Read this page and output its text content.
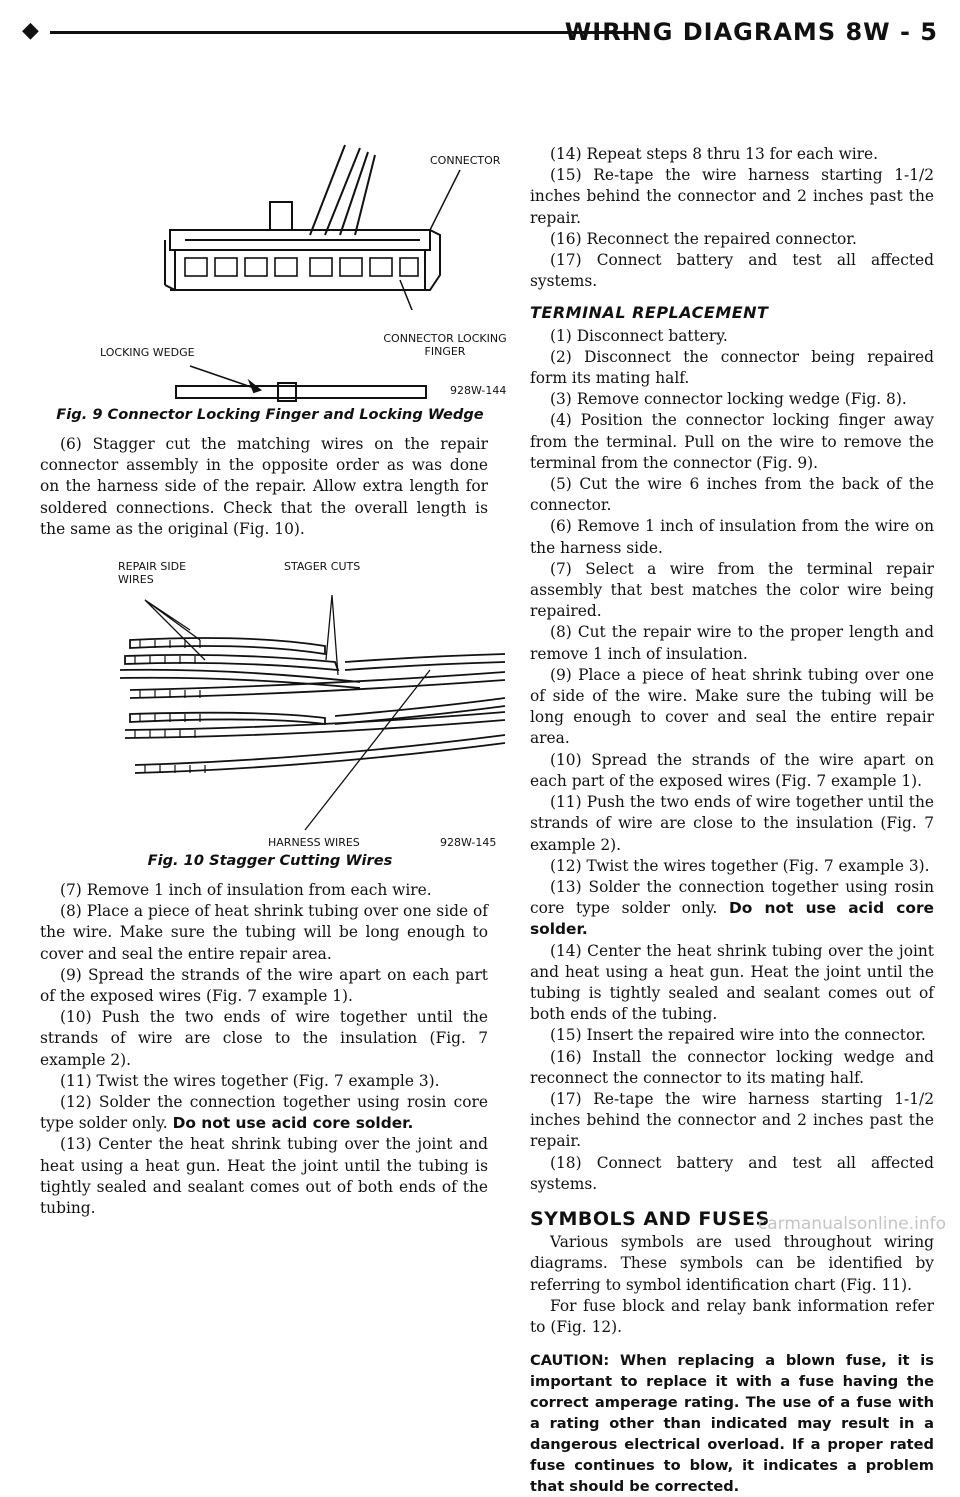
◆	WIRING DIAGRAMS 8W - 5
CONNECTOR
CONNECTOR LOCKING FINGER
LOCKING WEDGE
928W-144
Fig. 9 Connector Locking Finger and Locking Wedge

(6) Stagger cut the matching wires on the repair connector assembly in the opposite order as was done on the harness side of the repair. Allow extra length for soldered connections. Check that the overall length is the same as the original (Fig. 10).

REPAIR SIDE WIRES
STAGER CUTS
HARNESS WIRES	928W-145
Fig. 10 Stagger Cutting Wires

(7) Remove 1 inch of insulation from each wire.

(8) Place a piece of heat shrink tubing over one side of the wire. Make sure the tubing will be long enough to cover and seal the entire repair area.

(9) Spread the strands of the wire apart on each part of the exposed wires (Fig. 7 example 1).

(10) Push the two ends of wire together until the strands of wire are close to the insulation (Fig. 7 example 2).

(11) Twist the wires together (Fig. 7 example 3).

(12) Solder the connection together using rosin core type solder only. Do not use acid core solder.

(13) Center the heat shrink tubing over the joint and heat using a heat gun. Heat the joint until the tubing is tightly sealed and sealant comes out of both ends of the tubing.

(14) Repeat steps 8 thru 13 for each wire.

(15) Re-tape the wire harness starting 1-1/2 inches behind the connector and 2 inches past the repair.

(16) Reconnect the repaired connector.

(17) Connect battery and test all affected systems.

TERMINAL REPLACEMENT

(1) Disconnect battery.

(2) Disconnect the connector being repaired form its mating half.

(3) Remove connector locking wedge (Fig. 8).

(4) Position the connector locking finger away from the terminal. Pull on the wire to remove the terminal from the connector (Fig. 9).

(5) Cut the wire 6 inches from the back of the connector.

(6) Remove 1 inch of insulation from the wire on the harness side.

(7) Select a wire from the terminal repair assembly that best matches the color wire being repaired.

(8) Cut the repair wire to the proper length and remove 1 inch of insulation.

(9) Place a piece of heat shrink tubing over one of side of the wire. Make sure the tubing will be long enough to cover and seal the entire repair area.

(10) Spread the strands of the wire apart on each part of the exposed wires (Fig. 7 example 1).

(11) Push the two ends of wire together until the strands of wire are close to the insulation (Fig. 7 example 2).

(12) Twist the wires together (Fig. 7 example 3).

(13) Solder the connection together using rosin core type solder only. Do not use acid core solder.

(14) Center the heat shrink tubing over the joint and heat using a heat gun. Heat the joint until the tubing is tightly sealed and sealant comes out of both ends of the tubing.

(15) Insert the repaired wire into the connector.

(16) Install the connector locking wedge and reconnect the connector to its mating half.

(17) Re-tape the wire harness starting 1-1/2 inches behind the connector and 2 inches past the repair.

(18) Connect battery and test all affected systems.

SYMBOLS AND FUSES

Various symbols are used throughout wiring diagrams. These symbols can be identified by referring to symbol identification chart (Fig. 11).

For fuse block and relay bank information refer to (Fig. 12).

CAUTION: When replacing a blown fuse, it is important to replace it with a fuse having the correct amperage rating. The use of a fuse with a rating other than indicated may result in a dangerous electrical overload. If a proper rated fuse continues to blow, it indicates a problem that should be corrected.
carmanualsonline.info
